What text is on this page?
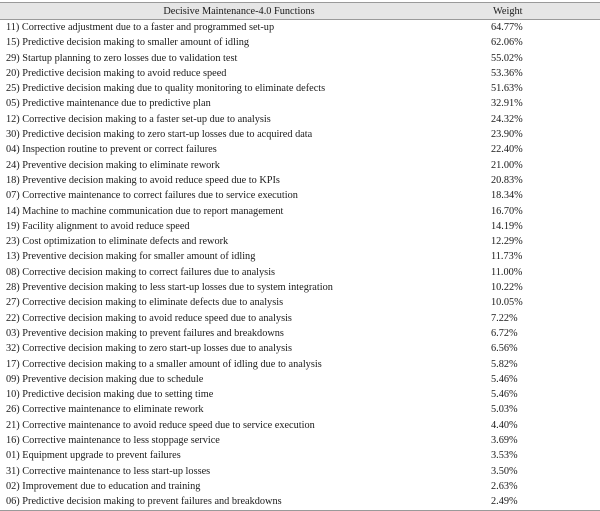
Decisive Maintenance-4.0 Functions	Weight
11) Corrective adjustment due to a faster and programmed set-up	64.77%
15) Predictive decision making to smaller amount of idling	62.06%
29) Startup planning to zero losses due to validation test	55.02%
20) Predictive decision making to avoid reduce speed	53.36%
25) Predictive decision making due to quality monitoring to eliminate defects	51.63%
05) Predictive maintenance due to predictive plan	32.91%
12) Corrective decision making to a faster set-up due to analysis	24.32%
30) Predictive decision making to zero start-up losses due to acquired data	23.90%
04) Inspection routine to prevent or correct failures	22.40%
24) Preventive decision making to eliminate rework	21.00%
18) Preventive decision making to avoid reduce speed due to KPIs	20.83%
07) Corrective maintenance to correct failures due to service execution	18.34%
14) Machine to machine communication due to report management	16.70%
19) Facility alignment to avoid reduce speed	14.19%
23) Cost optimization to eliminate defects and rework	12.29%
13) Preventive decision making for smaller amount of idling	11.73%
08) Corrective decision making to correct failures due to analysis	11.00%
28) Preventive decision making to less start-up losses due to system integration	10.22%
27) Corrective decision making to eliminate defects due to analysis	10.05%
22) Corrective decision making to avoid reduce speed due to analysis	7.22%
03) Preventive decision making to prevent failures and breakdowns	6.72%
32) Corrective decision making to zero start-up losses due to analysis	6.56%
17) Corrective decision making to a smaller amount of idling due to analysis	5.82%
09) Preventive decision making due to schedule	5.46%
10) Predictive decision making due to setting time	5.46%
26) Corrective maintenance to eliminate rework	5.03%
21) Corrective maintenance to avoid reduce speed due to service execution	4.40%
16) Corrective maintenance to less stoppage service	3.69%
01) Equipment upgrade to prevent failures	3.53%
31) Corrective maintenance to less start-up losses	3.50%
02) Improvement due to education and training	2.63%
06) Predictive decision making to prevent failures and breakdowns	2.49%
